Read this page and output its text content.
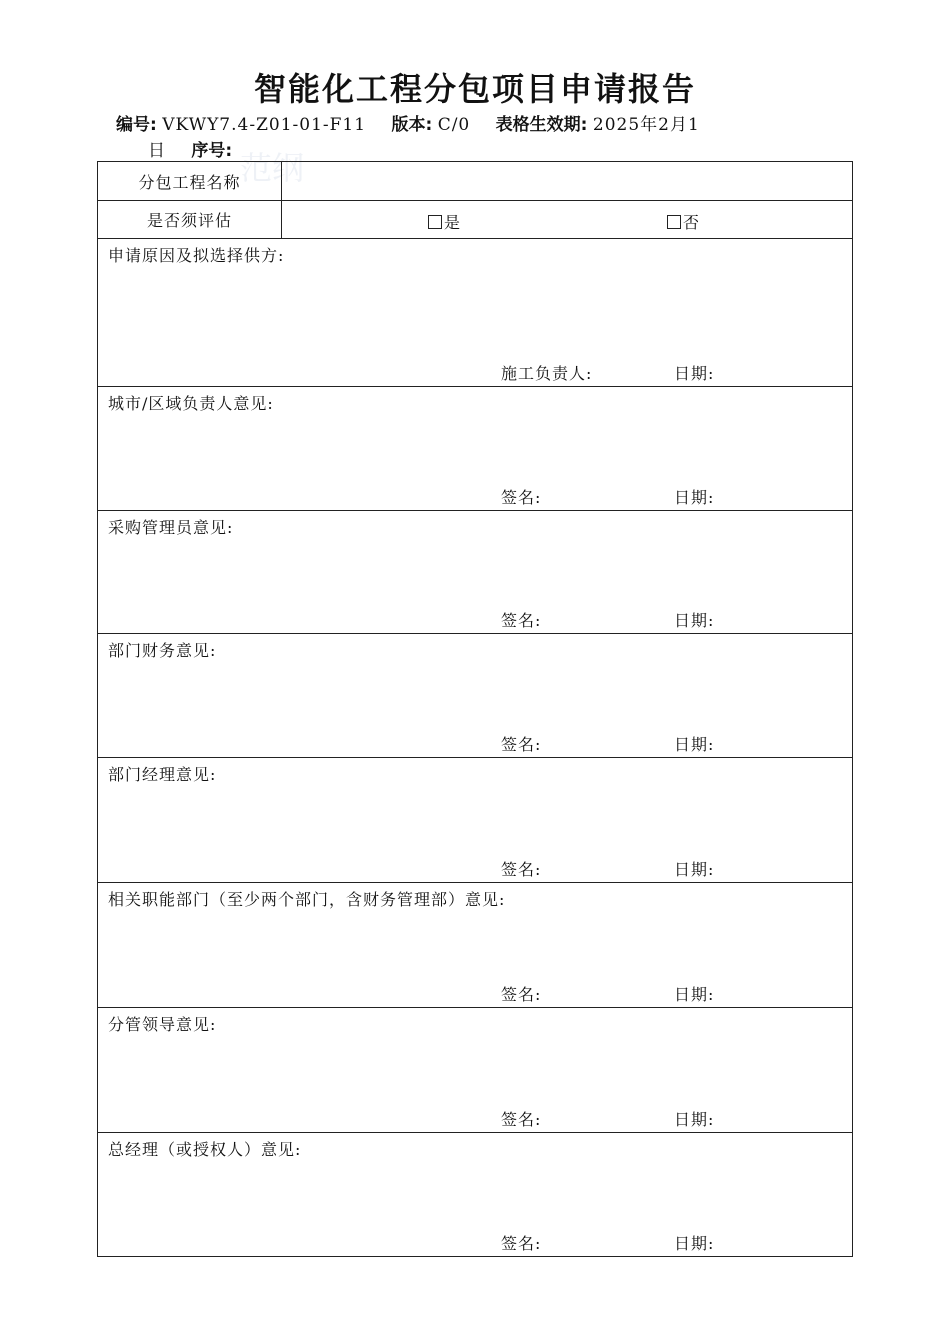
智能化工程分包项目申请报告
编号: VKWY7.4-Z01-01-F11 版本: C/0 表格生效期: 2025年2月1
日 序号: 范纲
分包工程名称
是否须评估	是	否
申请原因及拟选择供方:
施工负责人:	日期:
城市/区域负责人意见:
签名:	日期:
采购管理员意见:
签名:	日期:
部门财务意见:
签名:	日期:
部门经理意见:
签名:	日期:
相关职能部门（至少两个部门，含财务管理部）意见:
签名:	日期:
分管领导意见:
签名:	日期:
总经理（或授权人）意见:
签名:	日期:
